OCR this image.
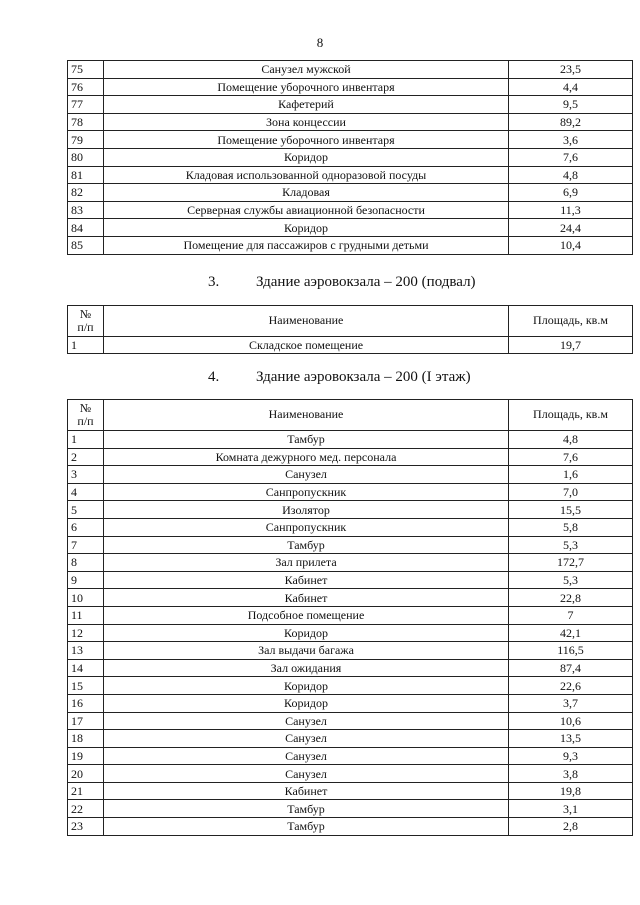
8
75	Санузел мужской	23,5
76	Помещение уборочного инвентаря	4,4
77	Кафетерий	9,5
78	Зона концессии	89,2
79	Помещение уборочного инвентаря	3,6
80	Коридор	7,6
81	Кладовая использованной одноразовой посуды	4,8
82	Кладовая	6,9
83	Серверная службы авиационной безопасности	11,3
84	Коридор	24,4
85	Помещение для пассажиров с грудными детьми	10,4
3. Здание аэровокзала – 200 (подвал)
№
п/п	Наименование	Площадь, кв.м
1	Складское помещение	19,7
4. Здание аэровокзала – 200 (I этаж)
№
п/п	Наименование	Площадь, кв.м
1	Тамбур	4,8
2	Комната дежурного мед. персонала	7,6
3	Санузел	1,6
4	Санпропускник	7,0
5	Изолятор	15,5
6	Санпропускник	5,8
7	Тамбур	5,3
8	Зал прилета	172,7
9	Кабинет	5,3
10	Кабинет	22,8
11	Подсобное помещение	7
12	Коридор	42,1
13	Зал выдачи багажа	116,5
14	Зал ожидания	87,4
15	Коридор	22,6
16	Коридор	3,7
17	Санузел	10,6
18	Санузел	13,5
19	Санузел	9,3
20	Санузел	3,8
21	Кабинет	19,8
22	Тамбур	3,1
23	Тамбур	2,8
